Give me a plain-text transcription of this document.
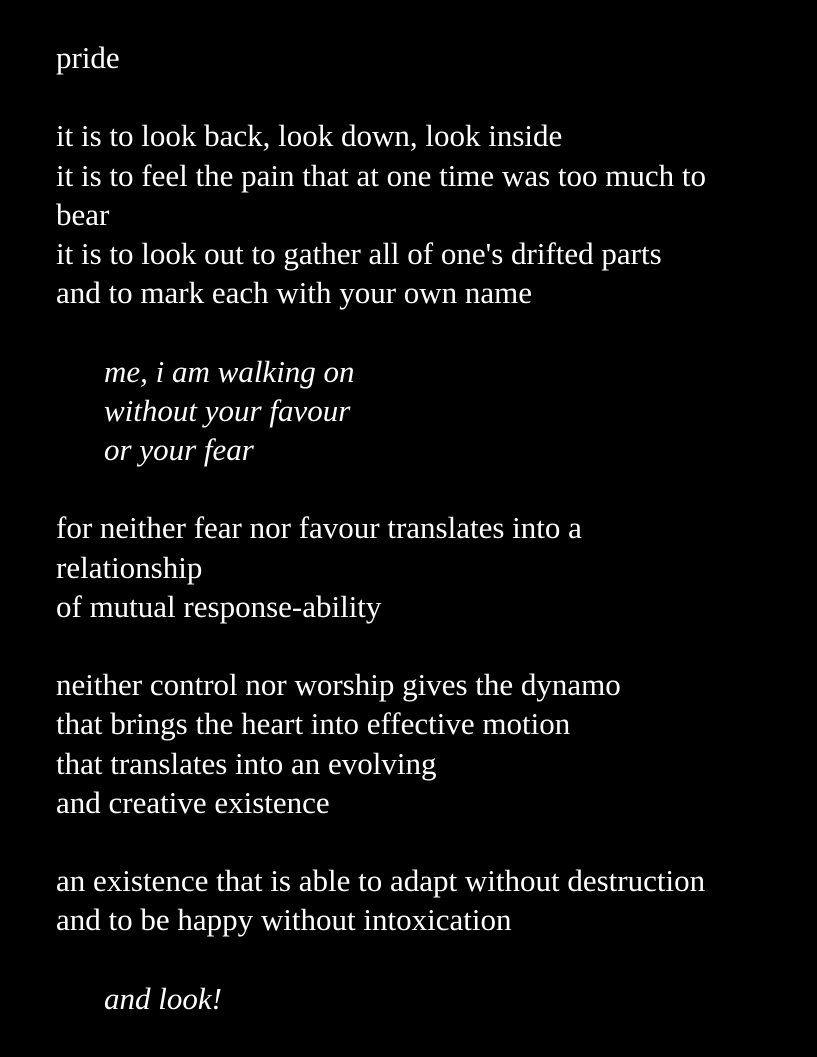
pride
it is to look back, look down, look inside
it is to feel the pain that at one time was too much to
bear
it is to look out to gather all of one's drifted parts
and to mark each with your own name
me, i am walking on
without your favour
or your fear
for neither fear nor favour translates into a
relationship
of mutual response-ability
neither control nor worship gives the dynamo
that brings the heart into effective motion
that translates into an evolving
and creative existence
an existence that is able to adapt without destruction
and to be happy without intoxication
and look!
